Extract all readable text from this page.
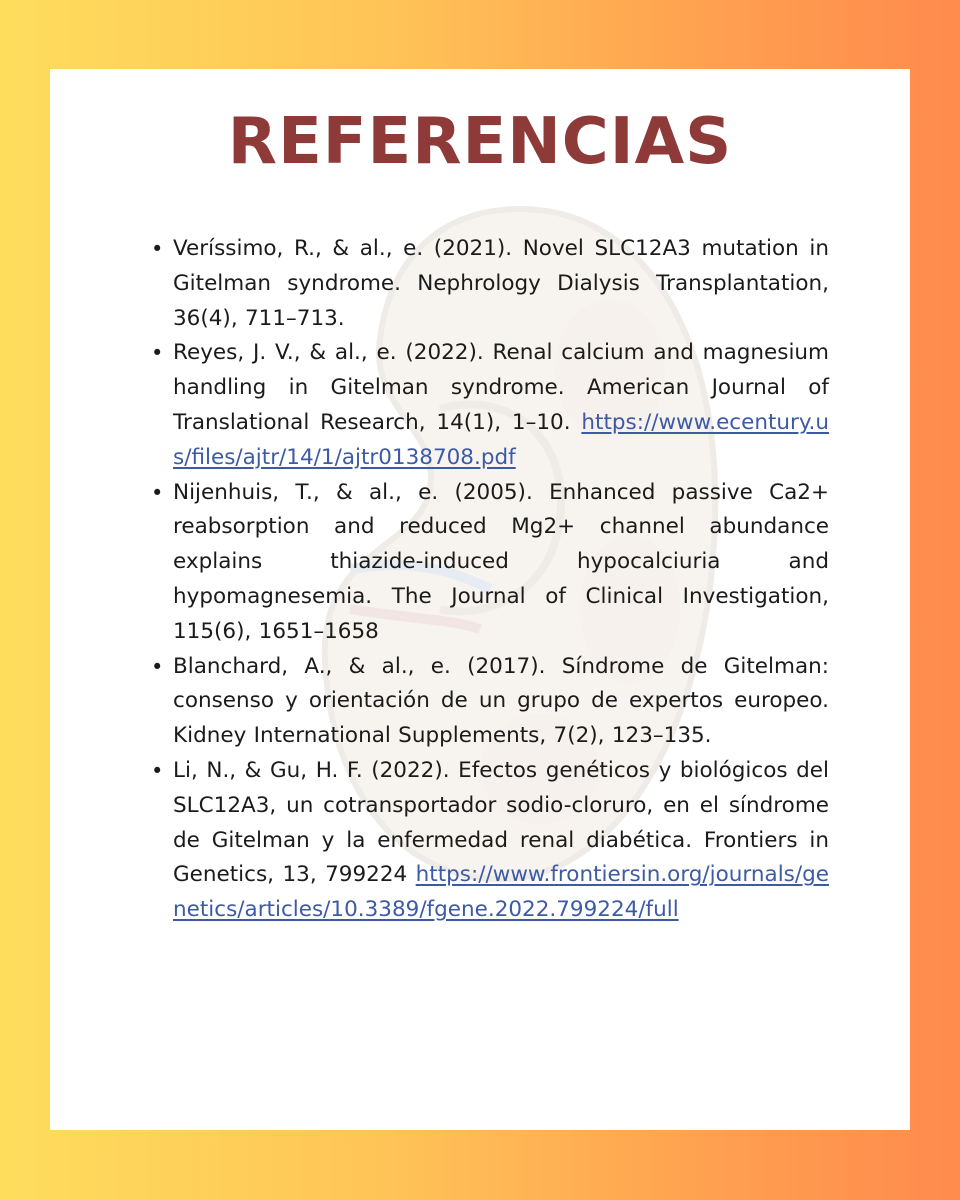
REFERENCIAS
• Veríssimo, R., & al., e. (2021). Novel SLC12A3 mutation in Gitelman syndrome. Nephrology Dialysis Transplantation, 36(4), 711–713.
• Reyes, J. V., & al., e. (2022). Renal calcium and magnesium handling in Gitelman syndrome. American Journal of Translational Research, 14(1), 1–10. https://www.ecentury.us/files/ajtr/14/1/ajtr0138708.pdf
• Nijenhuis, T., & al., e. (2005). Enhanced passive Ca2+ reabsorption and reduced Mg2+ channel abundance explains thiazide-induced hypocalciuria and hypomagnesemia. The Journal of Clinical Investigation, 115(6), 1651–1658
• Blanchard, A., & al., e. (2017). Síndrome de Gitelman: consenso y orientación de un grupo de expertos europeo. Kidney International Supplements, 7(2), 123–135.
• Li, N., & Gu, H. F. (2022). Efectos genéticos y biológicos del SLC12A3, un cotransportador sodio-cloruro, en el síndrome de Gitelman y la enfermedad renal diabética. Frontiers in Genetics, 13, 799224 https://www.frontiersin.org/journals/genetics/articles/10.3389/fgene.2022.799224/full
